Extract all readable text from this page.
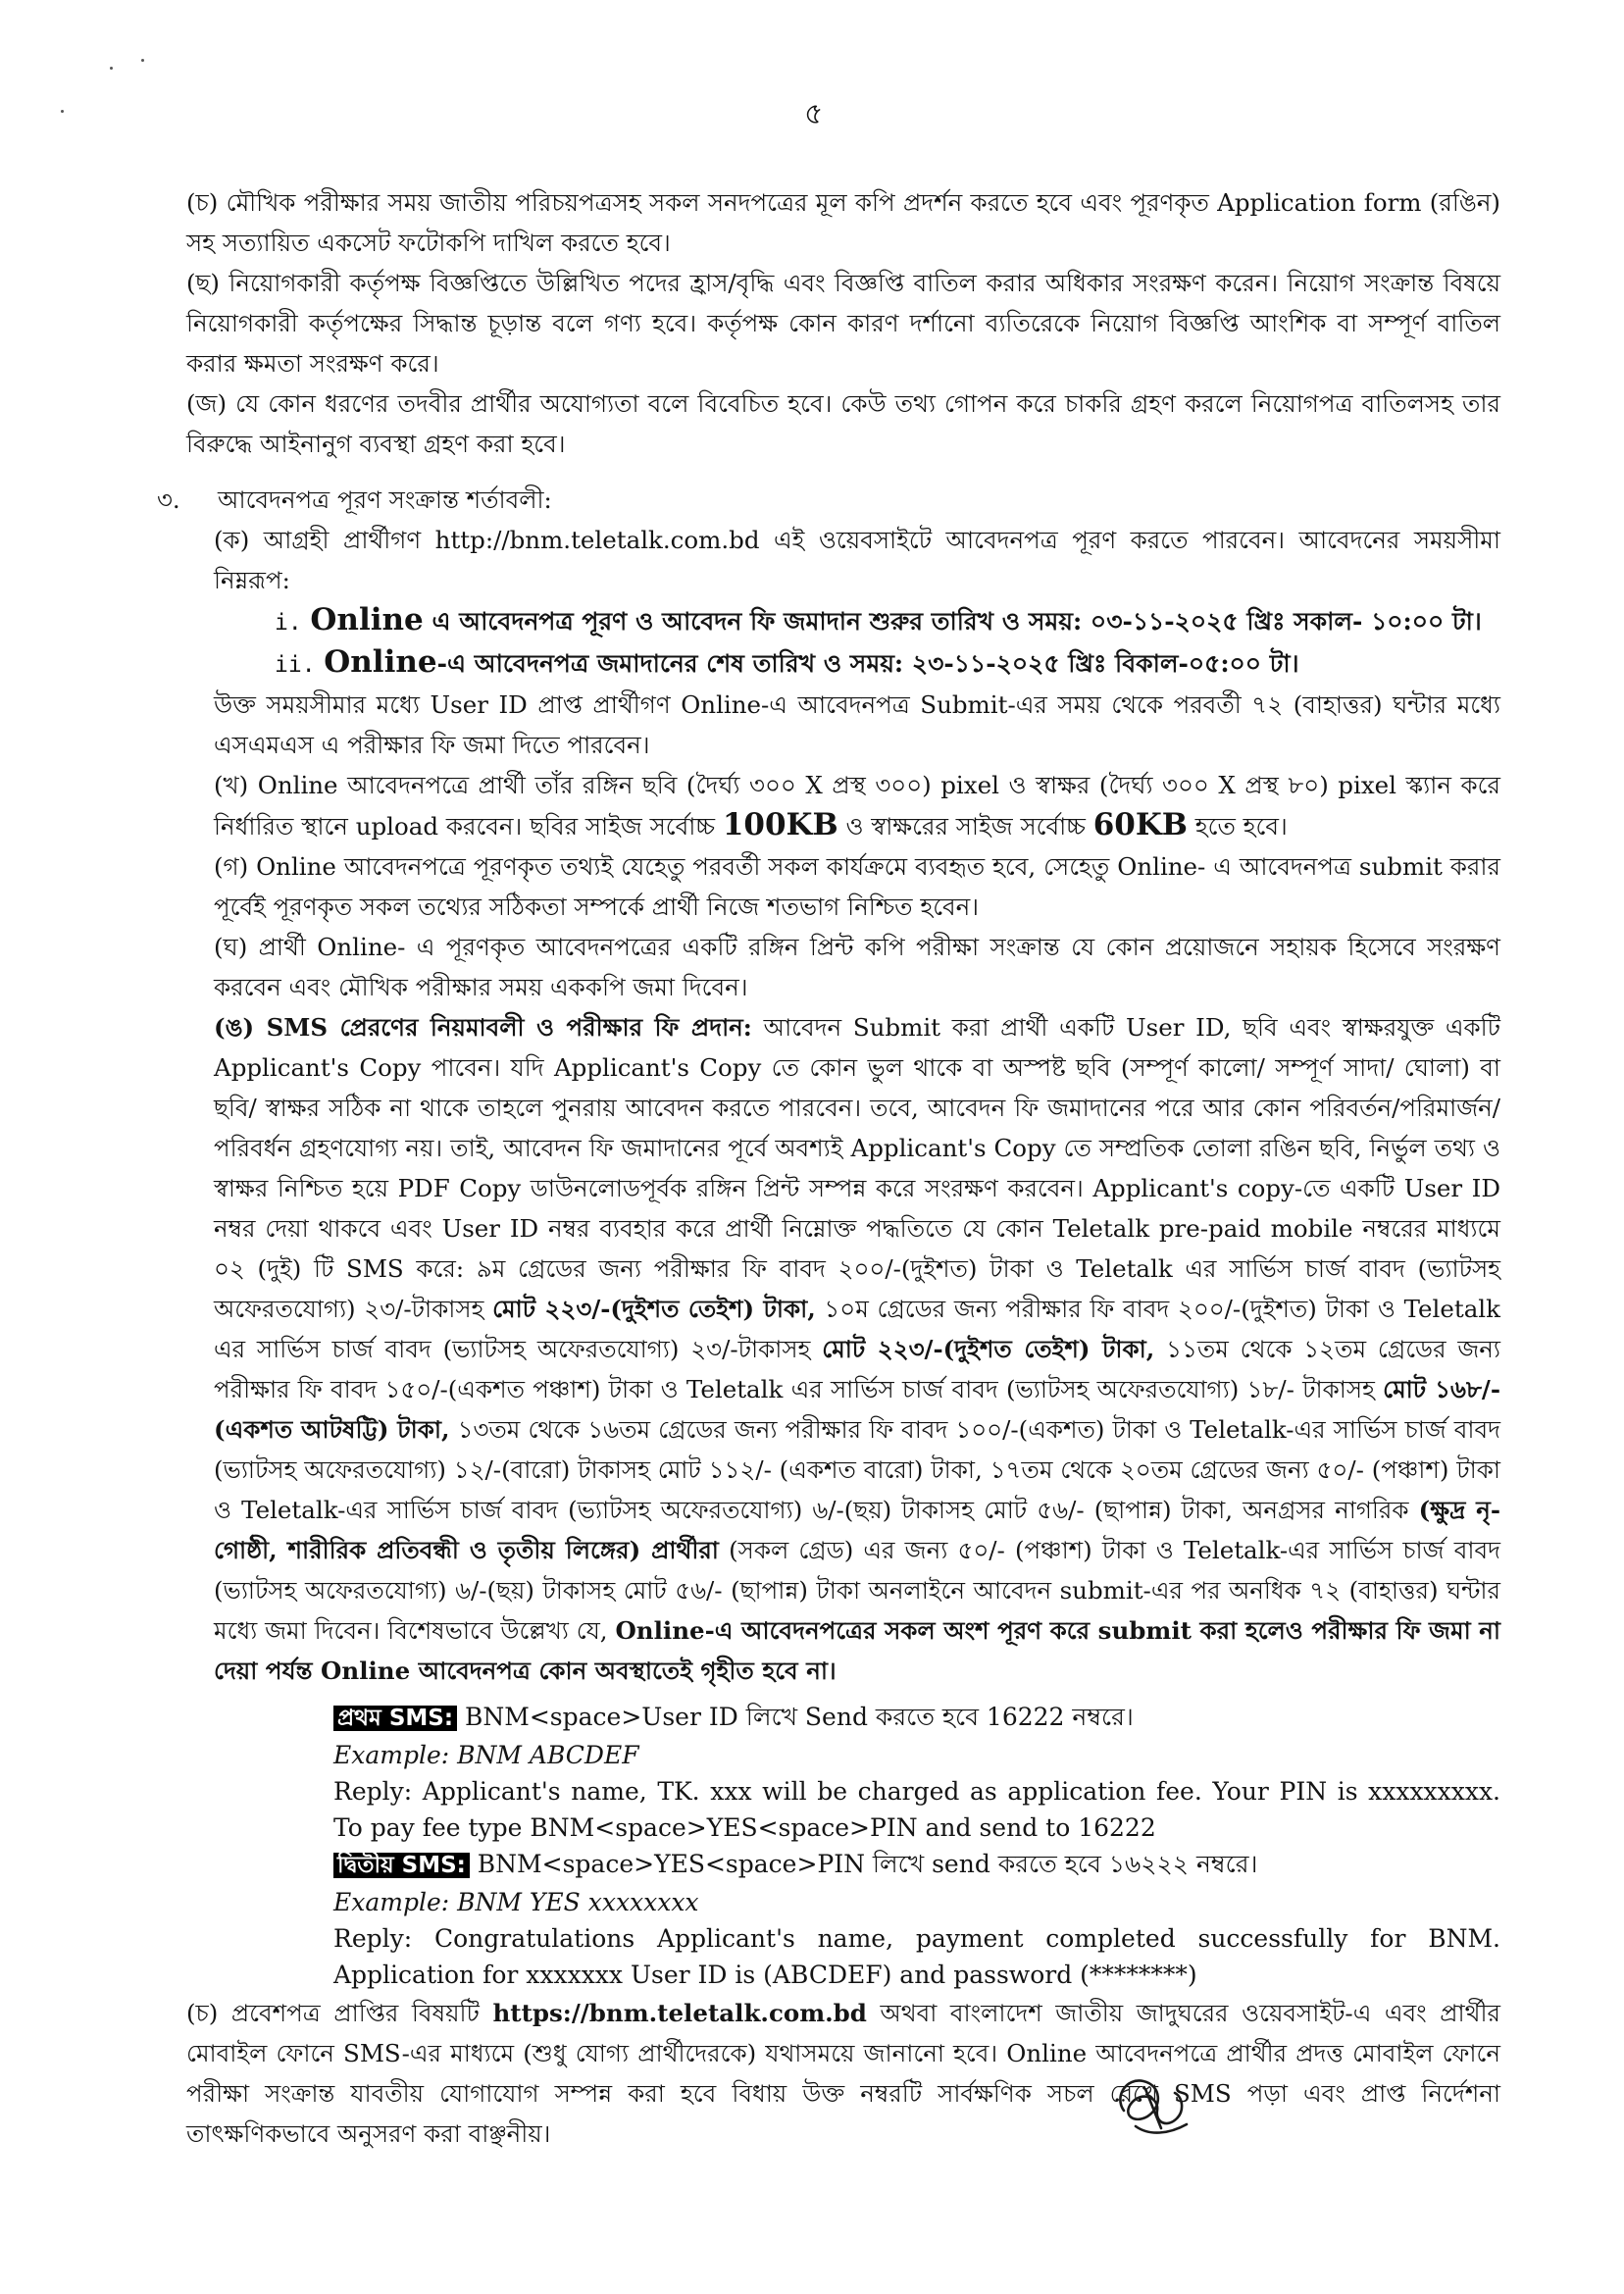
৫

(চ) মৌখিক পরীক্ষার সময় জাতীয় পরিচয়পত্রসহ সকল সনদপত্রের মূল কপি প্রদর্শন করতে হবে এবং পূরণকৃত Application form (রঙিন) সহ সত্যায়িত একসেট ফটোকপি দাখিল করতে হবে।

(ছ) নিয়োগকারী কর্তৃপক্ষ বিজ্ঞপ্তিতে উল্লিখিত পদের হ্রাস/বৃদ্ধি এবং বিজ্ঞপ্তি বাতিল করার অধিকার সংরক্ষণ করেন। নিয়োগ সংক্রান্ত বিষয়ে নিয়োগকারী কর্তৃপক্ষের সিদ্ধান্ত চূড়ান্ত বলে গণ্য হবে। কর্তৃপক্ষ কোন কারণ দর্শানো ব্যতিরেকে নিয়োগ বিজ্ঞপ্তি আংশিক বা সম্পূর্ণ বাতিল করার ক্ষমতা সংরক্ষণ করে।

(জ) যে কোন ধরণের তদবীর প্রার্থীর অযোগ্যতা বলে বিবেচিত হবে। কেউ তথ্য গোপন করে চাকরি গ্রহণ করলে নিয়োগপত্র বাতিলসহ তার বিরুদ্ধে আইনানুগ ব্যবস্থা গ্রহণ করা হবে।

৩.	আবেদনপত্র পূরণ সংক্রান্ত শর্তাবলী:

(ক) আগ্রহী প্রার্থীগণ http://bnm.teletalk.com.bd এই ওয়েবসাইটে আবেদনপত্র পূরণ করতে পারবেন। আবেদনের সময়সীমা নিম্নরূপ:

i. Online এ আবেদনপত্র পূরণ ও আবেদন ফি জমাদান শুরুর তারিখ ও সময়: ০৩-১১-২০২৫ খ্রিঃ সকাল- ১০:০০ টা।
ii. Online-এ আবেদনপত্র জমাদানের শেষ তারিখ ও সময়: ২৩-১১-২০২৫ খ্রিঃ বিকাল-০৫:০০ টা।

উক্ত সময়সীমার মধ্যে User ID প্রাপ্ত প্রার্থীগণ Online-এ আবেদনপত্র Submit-এর সময় থেকে পরবর্তী ৭২ (বাহাত্তর) ঘন্টার মধ্যে এসএমএস এ পরীক্ষার ফি জমা দিতে পারবেন।

(খ) Online আবেদনপত্রে প্রার্থী তাঁর রঙ্গিন ছবি (দৈর্ঘ্য ৩০০ X প্রস্থ ৩০০) pixel ও স্বাক্ষর (দৈর্ঘ্য ৩০০ X প্রস্থ ৮০) pixel স্ক্যান করে নির্ধারিত স্থানে upload করবেন। ছবির সাইজ সর্বোচ্চ 100KB ও স্বাক্ষরের সাইজ সর্বোচ্চ 60KB হতে হবে।

(গ) Online আবেদনপত্রে পূরণকৃত তথ্যই যেহেতু পরবর্তী সকল কার্যক্রমে ব্যবহৃত হবে, সেহেতু Online- এ আবেদনপত্র submit করার পূর্বেই পূরণকৃত সকল তথ্যের সঠিকতা সম্পর্কে প্রার্থী নিজে শতভাগ নিশ্চিত হবেন।

(ঘ) প্রার্থী Online- এ পূরণকৃত আবেদনপত্রের একটি রঙ্গিন প্রিন্ট কপি পরীক্ষা সংক্রান্ত যে কোন প্রয়োজনে সহায়ক হিসেবে সংরক্ষণ করবেন এবং মৌখিক পরীক্ষার সময় এককপি জমা দিবেন।

(ঙ) SMS প্রেরণের নিয়মাবলী ও পরীক্ষার ফি প্রদান: আবেদন Submit করা প্রার্থী একটি User ID, ছবি এবং স্বাক্ষরযুক্ত একটি Applicant's Copy পাবেন। যদি Applicant's Copy তে কোন ভুল থাকে বা অস্পষ্ট ছবি (সম্পূর্ণ কালো/ সম্পূর্ণ সাদা/ ঘোলা) বা ছবি/ স্বাক্ষর সঠিক না থাকে তাহলে পুনরায় আবেদন করতে পারবেন। তবে, আবেদন ফি জমাদানের পরে আর কোন পরিবর্তন/পরিমার্জন/পরিবর্ধন গ্রহণযোগ্য নয়। তাই, আবেদন ফি জমাদানের পূর্বে অবশ্যই Applicant's Copy তে সম্প্রতিক তোলা রঙিন ছবি, নির্ভুল তথ্য ও স্বাক্ষর নিশ্চিত হয়ে PDF Copy ডাউনলোডপূর্বক রঙ্গিন প্রিন্ট সম্পন্ন করে সংরক্ষণ করবেন। Applicant's copy-তে একটি User ID নম্বর দেয়া থাকবে এবং User ID নম্বর ব্যবহার করে প্রার্থী নিম্নোক্ত পদ্ধতিতে যে কোন Teletalk pre-paid mobile নম্বরের মাধ্যমে ০২ (দুই) টি SMS করে: ৯ম গ্রেডের জন্য পরীক্ষার ফি বাবদ ২০০/-(দুইশত) টাকা ও Teletalk এর সার্ভিস চার্জ বাবদ (ভ্যাটসহ অফেরতযোগ্য) ২৩/-টাকাসহ মোট ২২৩/-(দুইশত তেইশ) টাকা, ১০ম গ্রেডের জন্য পরীক্ষার ফি বাবদ ২০০/-(দুইশত) টাকা ও Teletalk এর সার্ভিস চার্জ বাবদ (ভ্যাটসহ অফেরতযোগ্য) ২৩/-টাকাসহ মোট ২২৩/-(দুইশত তেইশ) টাকা, ১১তম থেকে ১২তম গ্রেডের জন্য পরীক্ষার ফি বাবদ ১৫০/-(একশত পঞ্চাশ) টাকা ও Teletalk এর সার্ভিস চার্জ বাবদ (ভ্যাটসহ অফেরতযোগ্য) ১৮/- টাকাসহ মোট ১৬৮/-(একশত আটষট্টি) টাকা, ১৩তম থেকে ১৬তম গ্রেডের জন্য পরীক্ষার ফি বাবদ ১০০/-(একশত) টাকা ও Teletalk-এর সার্ভিস চার্জ বাবদ (ভ্যাটসহ অফেরতযোগ্য) ১২/-(বারো) টাকাসহ মোট ১১২/- (একশত বারো) টাকা, ১৭তম থেকে ২০তম গ্রেডের জন্য ৫০/- (পঞ্চাশ) টাকা ও Teletalk-এর সার্ভিস চার্জ বাবদ (ভ্যাটসহ অফেরতযোগ্য) ৬/-(ছয়) টাকাসহ মোট ৫৬/- (ছাপান্ন) টাকা, অনগ্রসর নাগরিক (ক্ষুদ্র নৃ-গোষ্ঠী, শারীরিক প্রতিবন্ধী ও তৃতীয় লিঙ্গের) প্রার্থীরা (সকল গ্রেড) এর জন্য ৫০/- (পঞ্চাশ) টাকা ও Teletalk-এর সার্ভিস চার্জ বাবদ (ভ্যাটসহ অফেরতযোগ্য) ৬/-(ছয়) টাকাসহ মোট ৫৬/- (ছাপান্ন) টাকা অনলাইনে আবেদন submit-এর পর অনধিক ৭২ (বাহাত্তর) ঘন্টার মধ্যে জমা দিবেন। বিশেষভাবে উল্লেখ্য যে, Online-এ আবেদনপত্রের সকল অংশ পূরণ করে submit করা হলেও পরীক্ষার ফি জমা না দেয়া পর্যন্ত Online আবেদনপত্র কোন অবস্থাতেই গৃহীত হবে না।

প্রথম SMS: BNM<space>User ID লিখে Send করতে হবে 16222 নম্বরে।

Example: BNM ABCDEF

Reply: Applicant's name, TK. xxx will be charged as application fee. Your PIN is xxxxxxxxx. To pay fee type BNM<space>YES<space>PIN and send to 16222

দ্বিতীয় SMS: BNM<space>YES<space>PIN লিখে send করতে হবে ১৬২২২ নম্বরে।

Example: BNM YES xxxxxxxx

Reply: Congratulations Applicant's name, payment completed successfully for BNM. Application for xxxxxxx User ID is (ABCDEF) and password (********)

(চ) প্রবেশপত্র প্রাপ্তির বিষয়টি https://bnm.teletalk.com.bd অথবা বাংলাদেশ জাতীয় জাদুঘরের ওয়েবসাইট-এ এবং প্রার্থীর মোবাইল ফোনে SMS-এর মাধ্যমে (শুধু যোগ্য প্রার্থীদেরকে) যথাসময়ে জানানো হবে। Online আবেদনপত্রে প্রার্থীর প্রদত্ত মোবাইল ফোনে পরীক্ষা সংক্রান্ত যাবতীয় যোগাযোগ সম্পন্ন করা হবে বিধায় উক্ত নম্বরটি সার্বক্ষণিক সচল রেখে SMS পড়া এবং প্রাপ্ত নির্দেশনা তাৎক্ষণিকভাবে অনুসরণ করা বাঞ্ছনীয়।
